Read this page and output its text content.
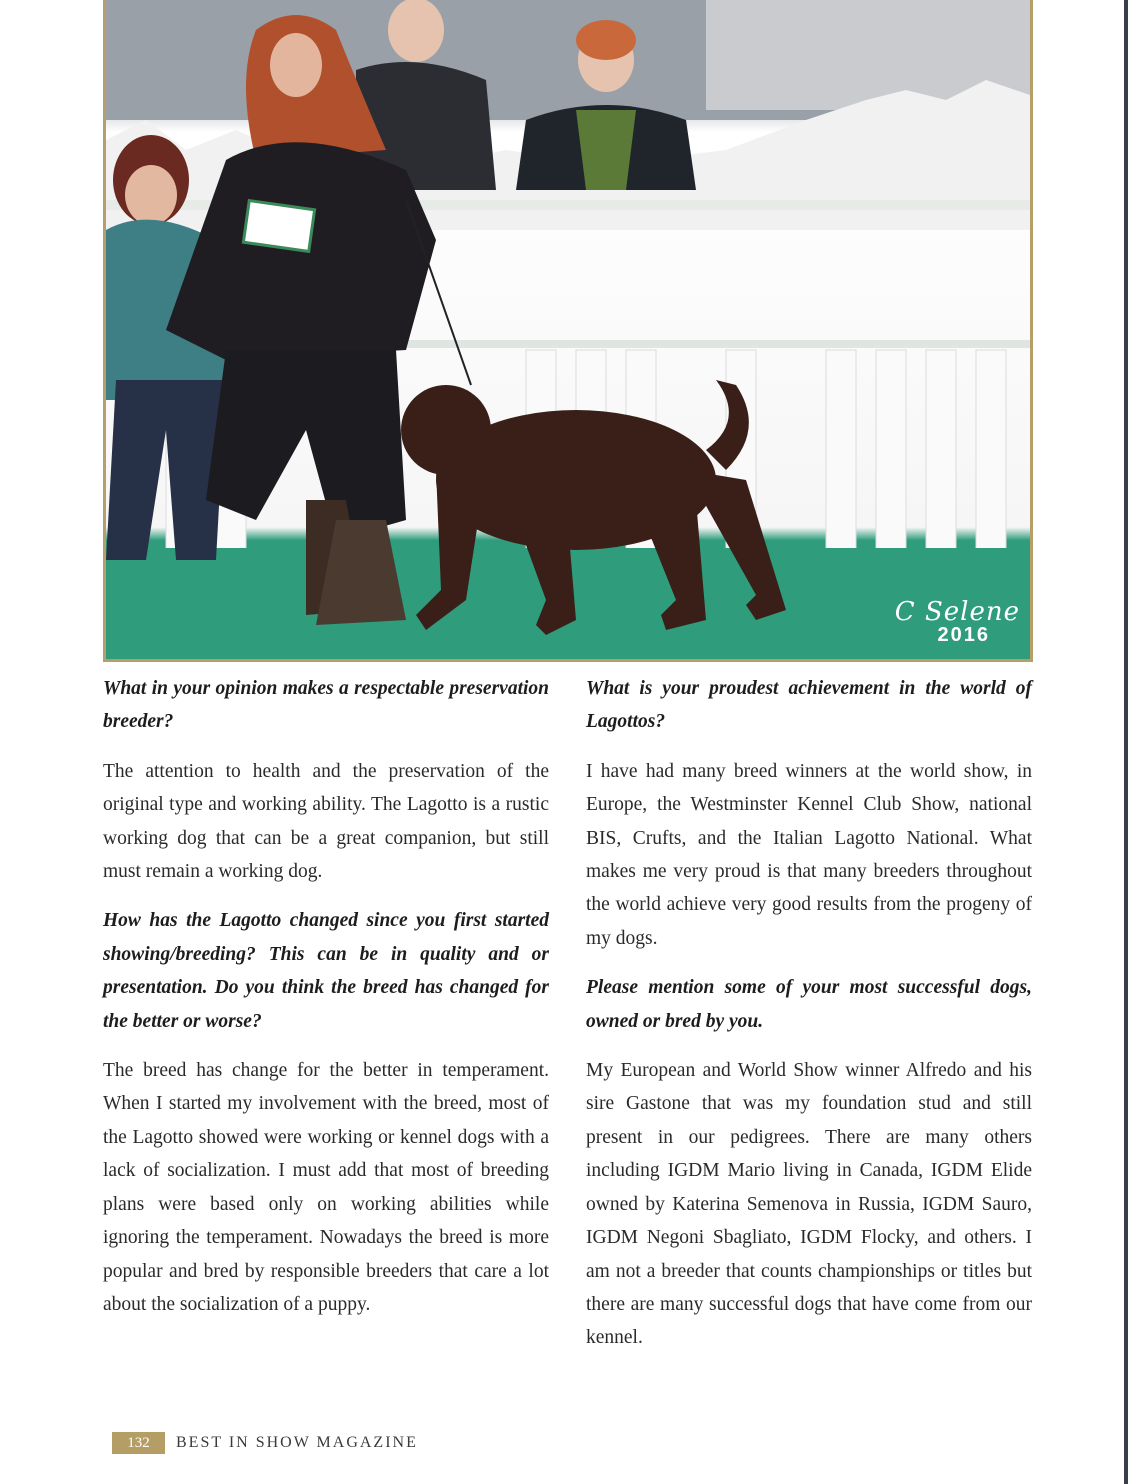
C Selene
2016

What in your opinion makes a respectable preservation breeder?

The attention to health and the preservation of the original type and working ability. The Lagotto is a rustic working dog that can be a great companion, but still must remain a working dog.

How has the Lagotto changed since you first started showing/breeding? This can be in quality and or presentation. Do you think the breed has changed for the better or worse?

The breed has change for the better in temperament. When I started my involvement with the breed, most of the Lagotto showed were working or kennel dogs with a lack of socialization. I must add that most of breeding plans were based only on working abilities while ignoring the temperament. Nowadays the breed is more popular and bred by responsible breeders that care a lot about the socialization of a puppy.

What is your proudest achievement in the world of Lagottos?

I have had many breed winners at the world show, in Europe, the Westminster Kennel Club Show, national BIS, Crufts, and the Italian Lagotto National. What makes me very proud is that many breeders throughout the world achieve very good results from the progeny of my dogs.

Please mention some of your most successful dogs, owned or bred by you.

My European and World Show winner Alfredo and his sire Gastone that was my foundation stud and still present in our pedigrees. There are many others including IGDM Mario living in Canada, IGDM Elide owned by Katerina Semenova in Russia, IGDM Sauro, IGDM Negoni Sbagliato, IGDM Flocky, and others. I am not a breeder that counts championships or titles but there are many successful dogs that have come from our kennel.

132	BEST IN SHOW MAGAZINE
